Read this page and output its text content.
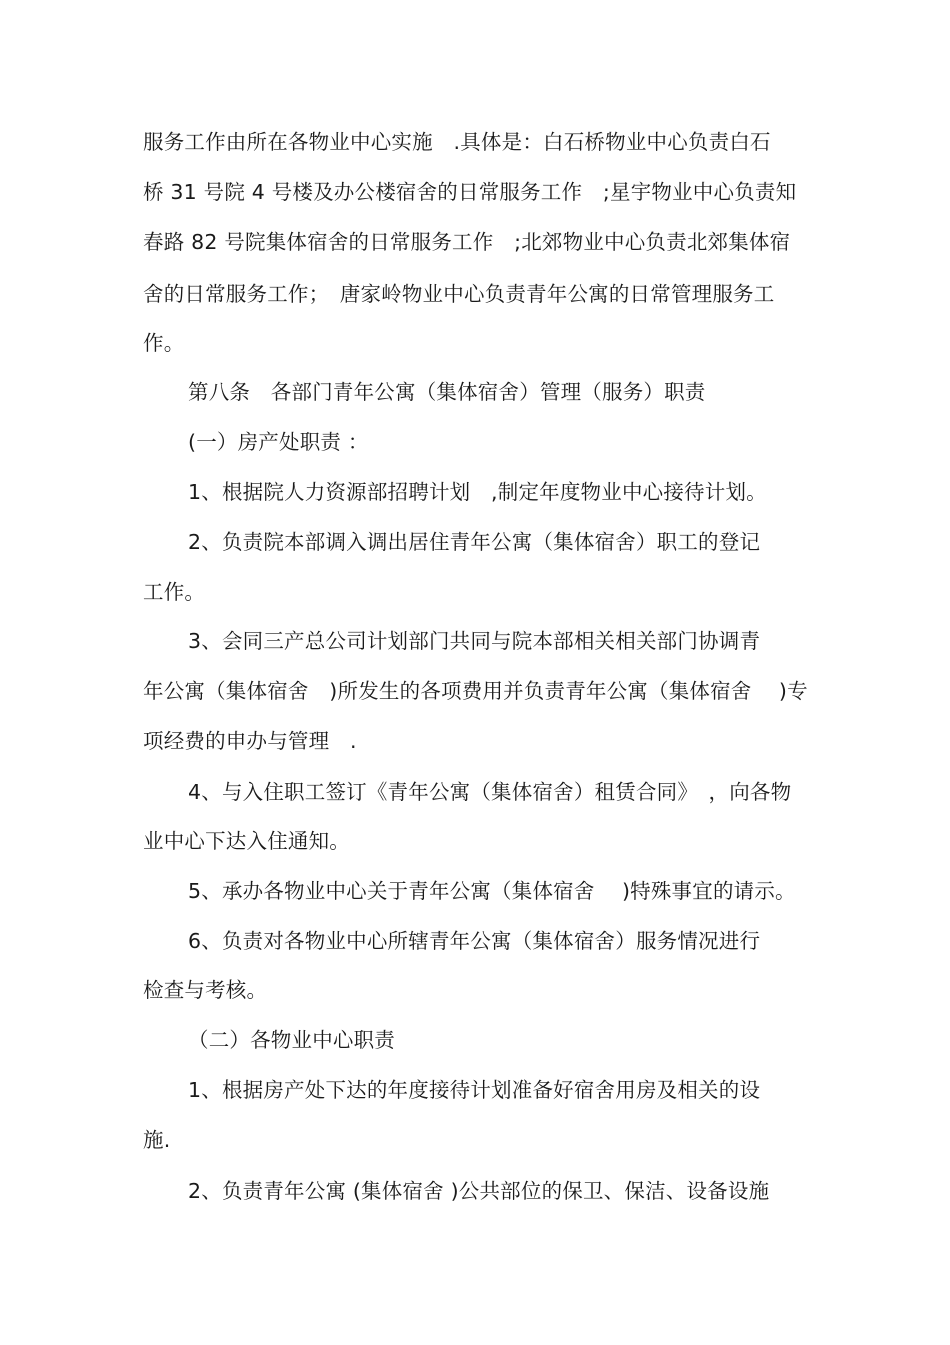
服务工作由所在各物业中心实施　.具体是：白石桥物业中心负责白石
桥 31 号院 4 号楼及办公楼宿舍的日常服务工作　;星宇物业中心负责知
春路 82 号院集体宿舍的日常服务工作　;北郊物业中心负责北郊集体宿
舍的日常服务工作；　唐家岭物业中心负责青年公寓的日常管理服务工
作。
第八条　各部门青年公寓（集体宿舍）管理（服务）职责
(一）房产处职责 ：
1、根据院人力资源部招聘计划　,制定年度物业中心接待计划。
2、负责院本部调入调出居住青年公寓（集体宿舍）职工的登记
工作。
3、会同三产总公司计划部门共同与院本部相关相关部门协调青
年公寓（集体宿舍　)所发生的各项费用并负责青年公寓（集体宿舍　 )专
项经费的申办与管理　.
4、与入住职工签订《青年公寓（集体宿舍）租赁合同》　，向各物
业中心下达入住通知。
5、承办各物业中心关于青年公寓（集体宿舍　 )特殊事宜的请示。
6、负责对各物业中心所辖青年公寓（集体宿舍）服务情况进行
检查与考核。
（二）各物业中心职责
1、根据房产处下达的年度接待计划准备好宿舍用房及相关的设
施.
2、负责青年公寓 (集体宿舍 )公共部位的保卫、保洁、设备设施
